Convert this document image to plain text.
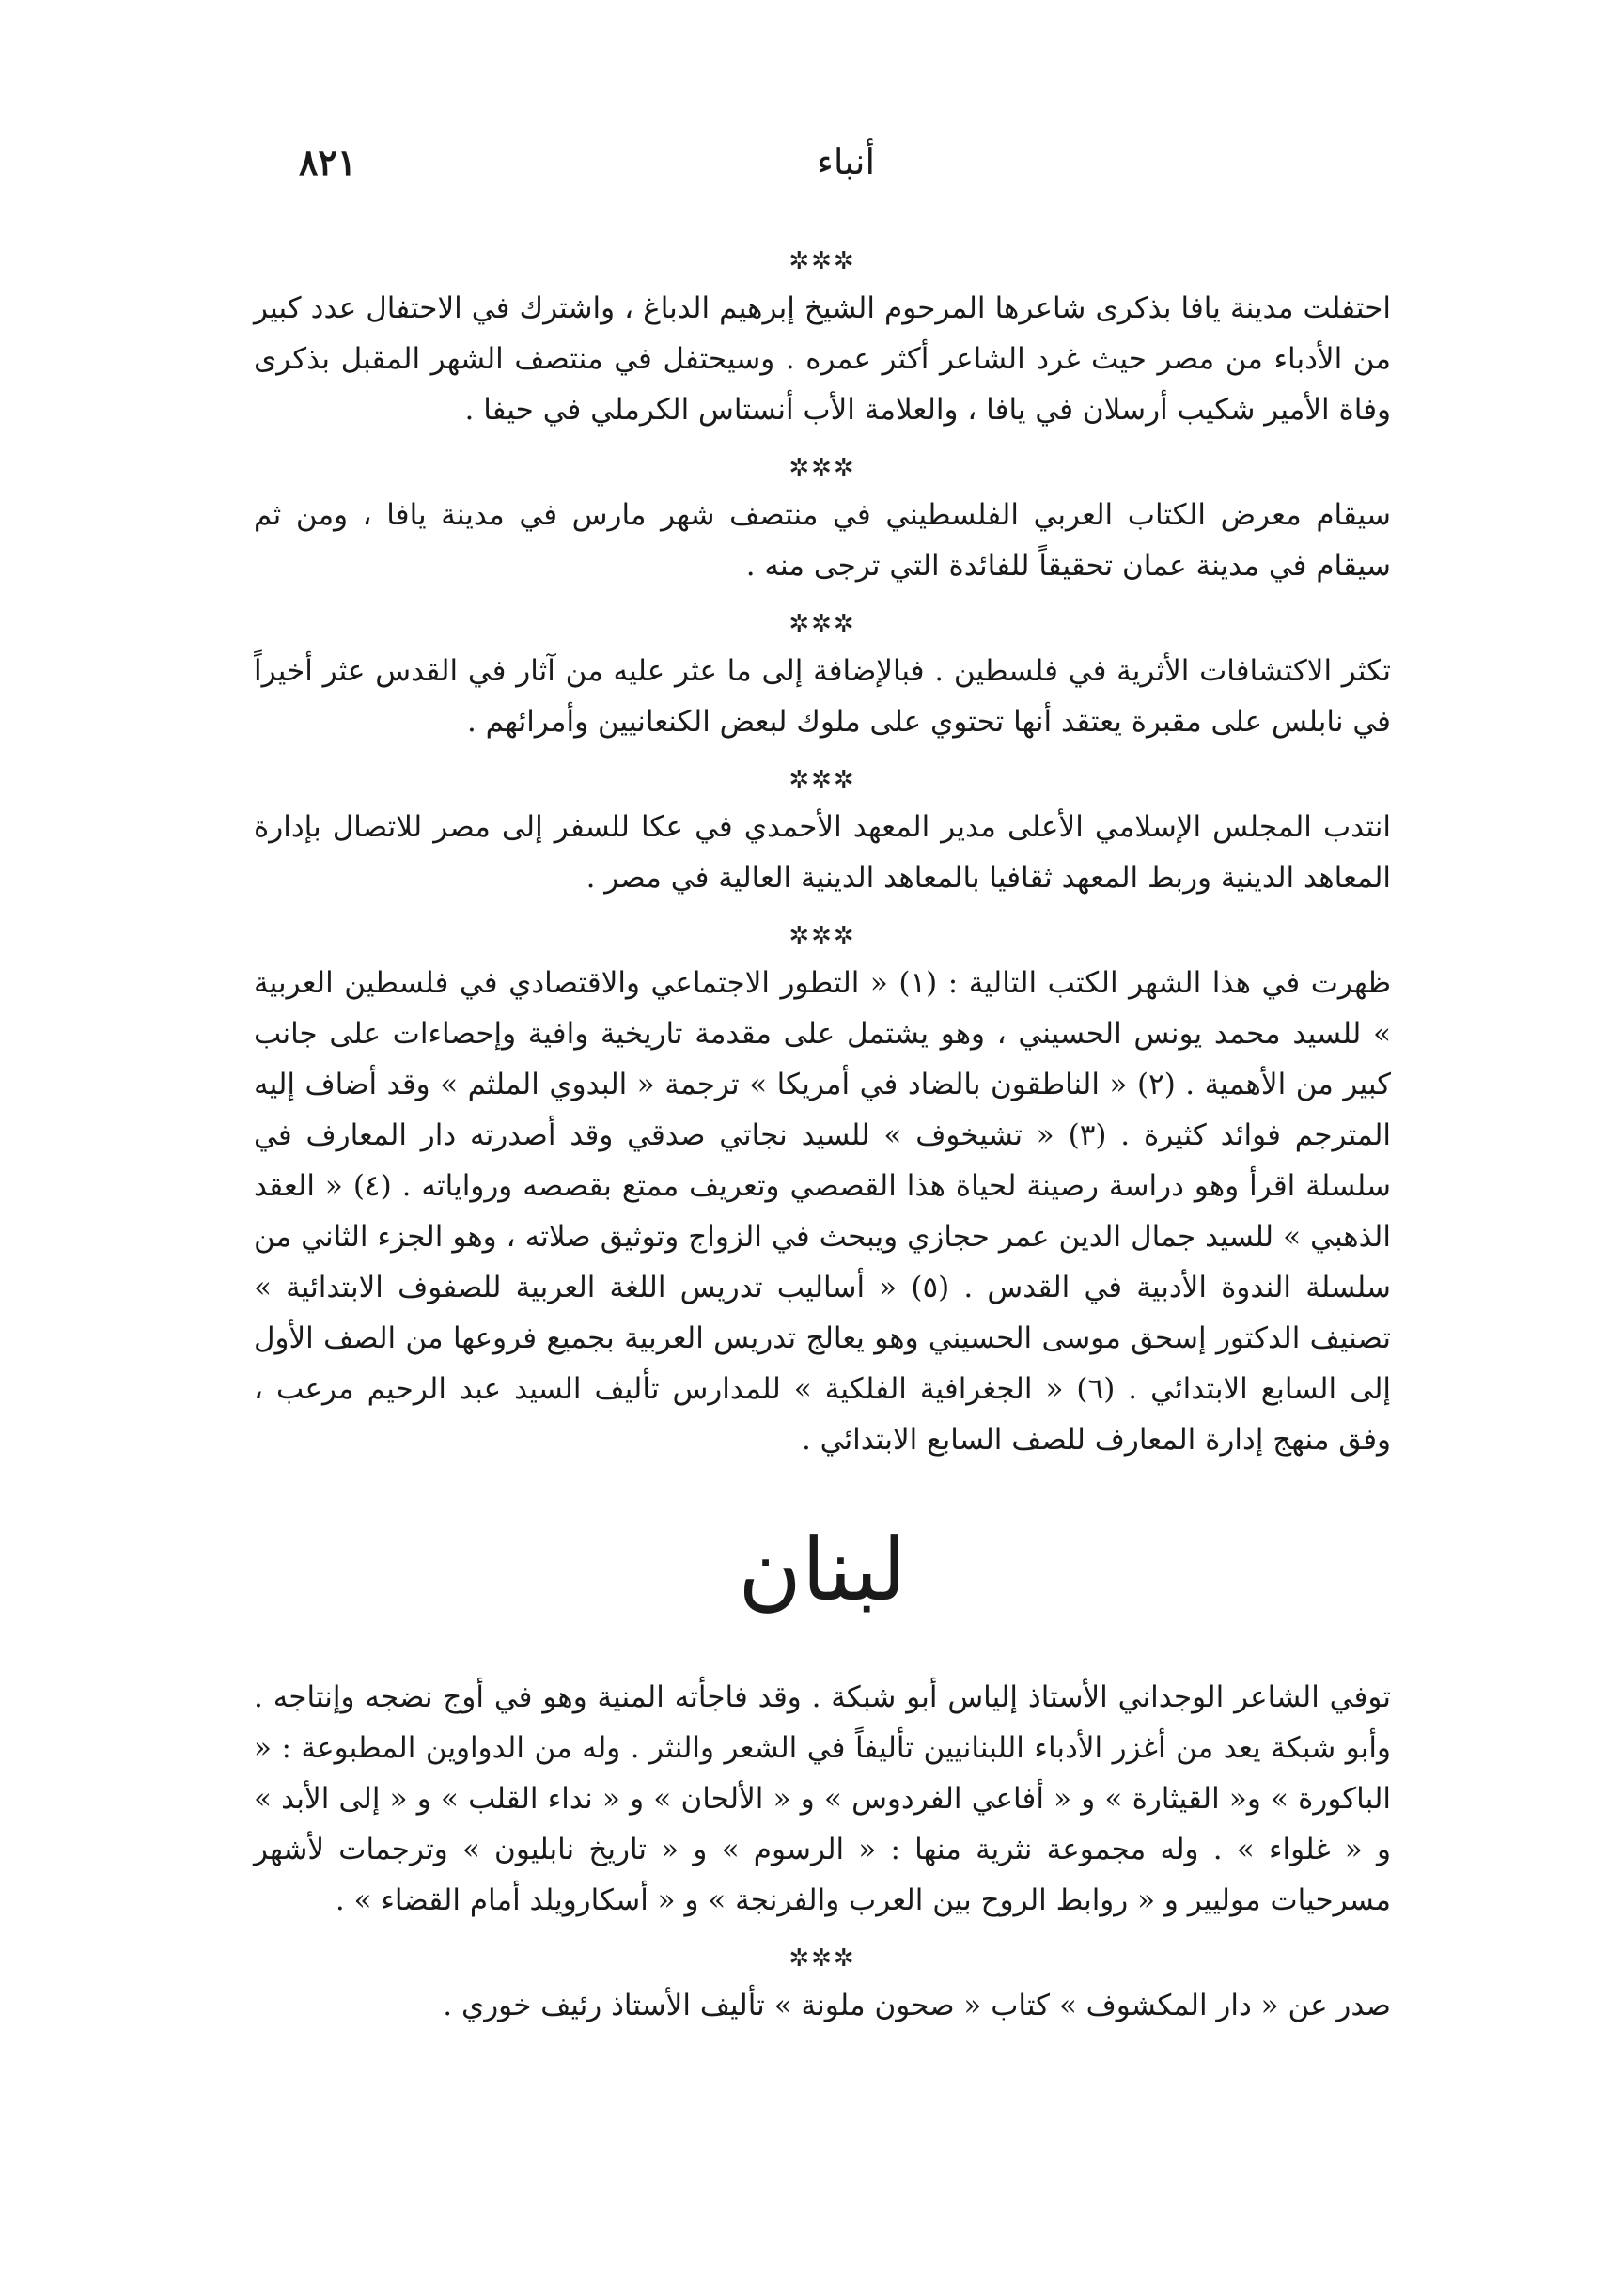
٨٢١	أنباء
✲✲✲

احتفلت مدينة يافا بذكرى شاعرها المرحوم الشيخ إبرهيم الدباغ ، واشترك في الاحتفال عدد كبير من الأدباء من مصر حيث غرد الشاعر أكثر عمره . وسيحتفل في منتصف الشهر المقبل بذكرى وفاة الأمير شكيب أرسلان في يافا ، والعلامة الأب أنستاس الكرملي في حيفا .

✲✲✲

سيقام معرض الكتاب العربي الفلسطيني في منتصف شهر مارس في مدينة يافا ، ومن ثم سيقام في مدينة عمان تحقيقاً للفائدة التي ترجى منه .

✲✲✲

تكثر الاكتشافات الأثرية في فلسطين . فبالإضافة إلى ما عثر عليه من آثار في القدس عثر أخيراً في نابلس على مقبرة يعتقد أنها تحتوي على ملوك لبعض الكنعانيين وأمرائهم .

✲✲✲

انتدب المجلس الإسلامي الأعلى مدير المعهد الأحمدي في عكا للسفر إلى مصر للاتصال بإدارة المعاهد الدينية وربط المعهد ثقافيا بالمعاهد الدينية العالية في مصر .

✲✲✲

ظهرت في هذا الشهر الكتب التالية : (١) « التطور الاجتماعي والاقتصادي في فلسطين العربية » للسيد محمد يونس الحسيني ، وهو يشتمل على مقدمة تاريخية وافية وإحصاءات على جانب كبير من الأهمية . (٢) « الناطقون بالضاد في أمريكا » ترجمة « البدوي الملثم » وقد أضاف إليه المترجم فوائد كثيرة . (٣) « تشيخوف » للسيد نجاتي صدقي وقد أصدرته دار المعارف في سلسلة اقرأ وهو دراسة رصينة لحياة هذا القصصي وتعريف ممتع بقصصه ورواياته . (٤) « العقد الذهبي » للسيد جمال الدين عمر حجازي ويبحث في الزواج وتوثيق صلاته ، وهو الجزء الثاني من سلسلة الندوة الأدبية في القدس . (٥) « أساليب تدريس اللغة العربية للصفوف الابتدائية » تصنيف الدكتور إسحق موسى الحسيني وهو يعالج تدريس العربية بجميع فروعها من الصف الأول إلى السابع الابتدائي . (٦) « الجغرافية الفلكية » للمدارس تأليف السيد عبد الرحيم مرعب ، وفق منهج إدارة المعارف للصف السابع الابتدائي .

لبنان

توفي الشاعر الوجداني الأستاذ إلياس أبو شبكة . وقد فاجأته المنية وهو في أوج نضجه وإنتاجه . وأبو شبكة يعد من أغزر الأدباء اللبنانيين تأليفاً في الشعر والنثر . وله من الدواوين المطبوعة : « الباكورة » و« القيثارة » و « أفاعي الفردوس » و « الألحان » و « نداء القلب » و « إلى الأبد » و « غلواء » . وله مجموعة نثرية منها : « الرسوم » و « تاريخ نابليون » وترجمات لأشهر مسرحيات موليير و « روابط الروح بين العرب والفرنجة » و « أسكارويلد أمام القضاء » .

✲✲✲

صدر عن « دار المكشوف » كتاب « صحون ملونة » تأليف الأستاذ رئيف خوري .
